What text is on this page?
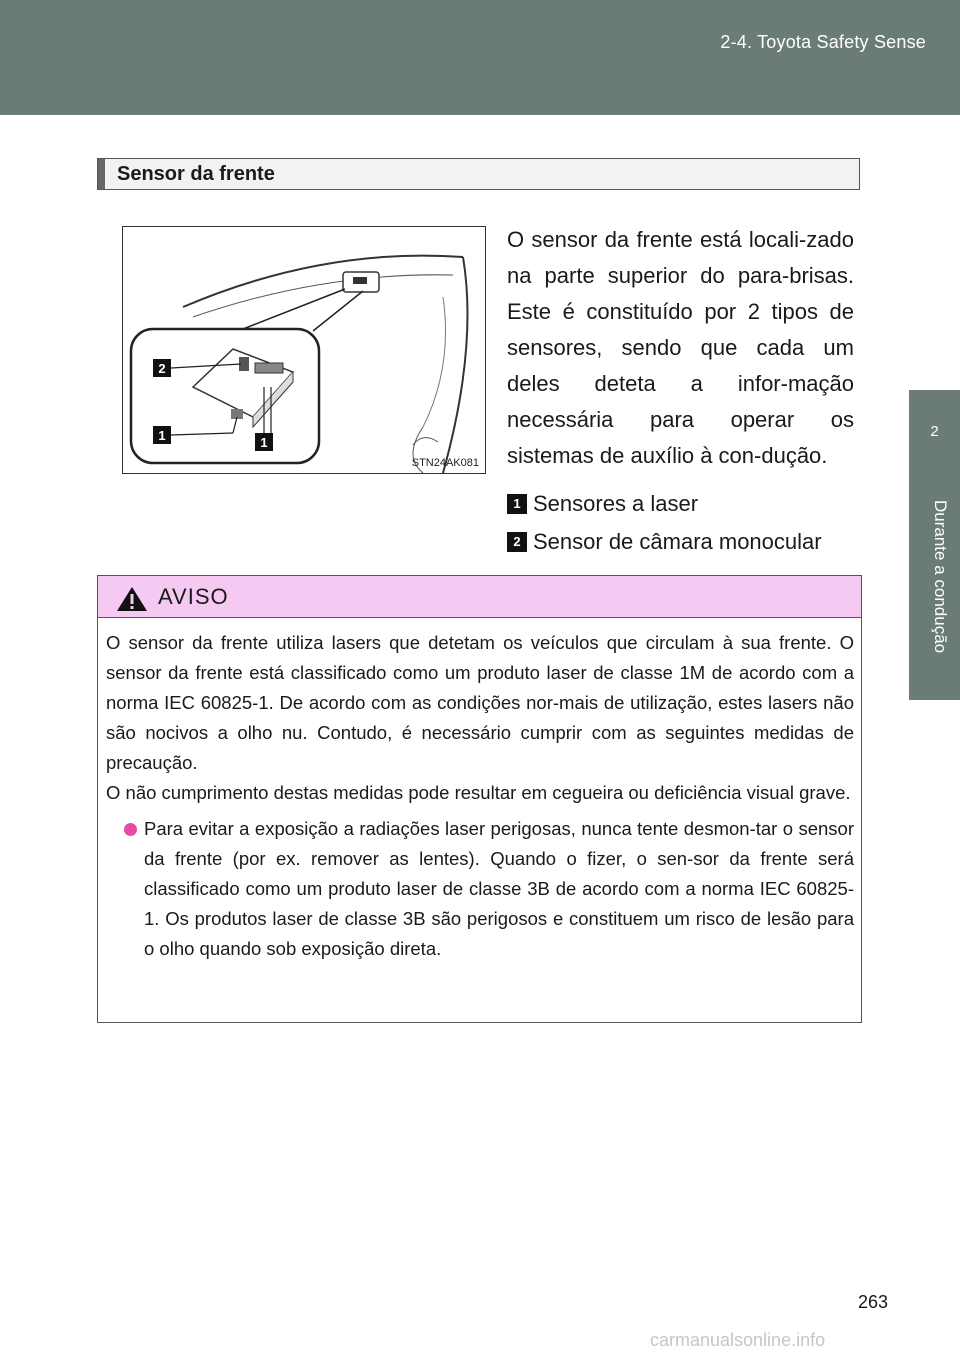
2-4. Toyota Safety Sense
2
Durante a condução
Sensor da frente
2
1	1
STN24AK081
O sensor da frente está locali-zado na parte superior do para-brisas. Este é constituído por 2 tipos de sensores, sendo que cada um deles deteta a infor-mação necessária para operar os sistemas de auxílio à con-dução.
1 Sensores a laser
2 Sensor de câmara monocular
AVISO

O sensor da frente utiliza lasers que detetam os veículos que circulam à sua frente. O sensor da frente está classificado como um produto laser de classe 1M de acordo com a norma IEC 60825-1. De acordo com as condições nor-mais de utilização, estes lasers não são nocivos a olho nu. Contudo, é necessário cumprir com as seguintes medidas de precaução.

O não cumprimento destas medidas pode resultar em cegueira ou deficiência visual grave.

Para evitar a exposição a radiações laser perigosas, nunca tente desmon-tar o sensor da frente (por ex. remover as lentes). Quando o fizer, o sen-sor da frente será classificado como um produto laser de classe 3B de acordo com a norma IEC 60825-1. Os produtos laser de classe 3B são perigosos e constituem um risco de lesão para o olho quando sob exposição direta.

263
carmanualsonline.info
